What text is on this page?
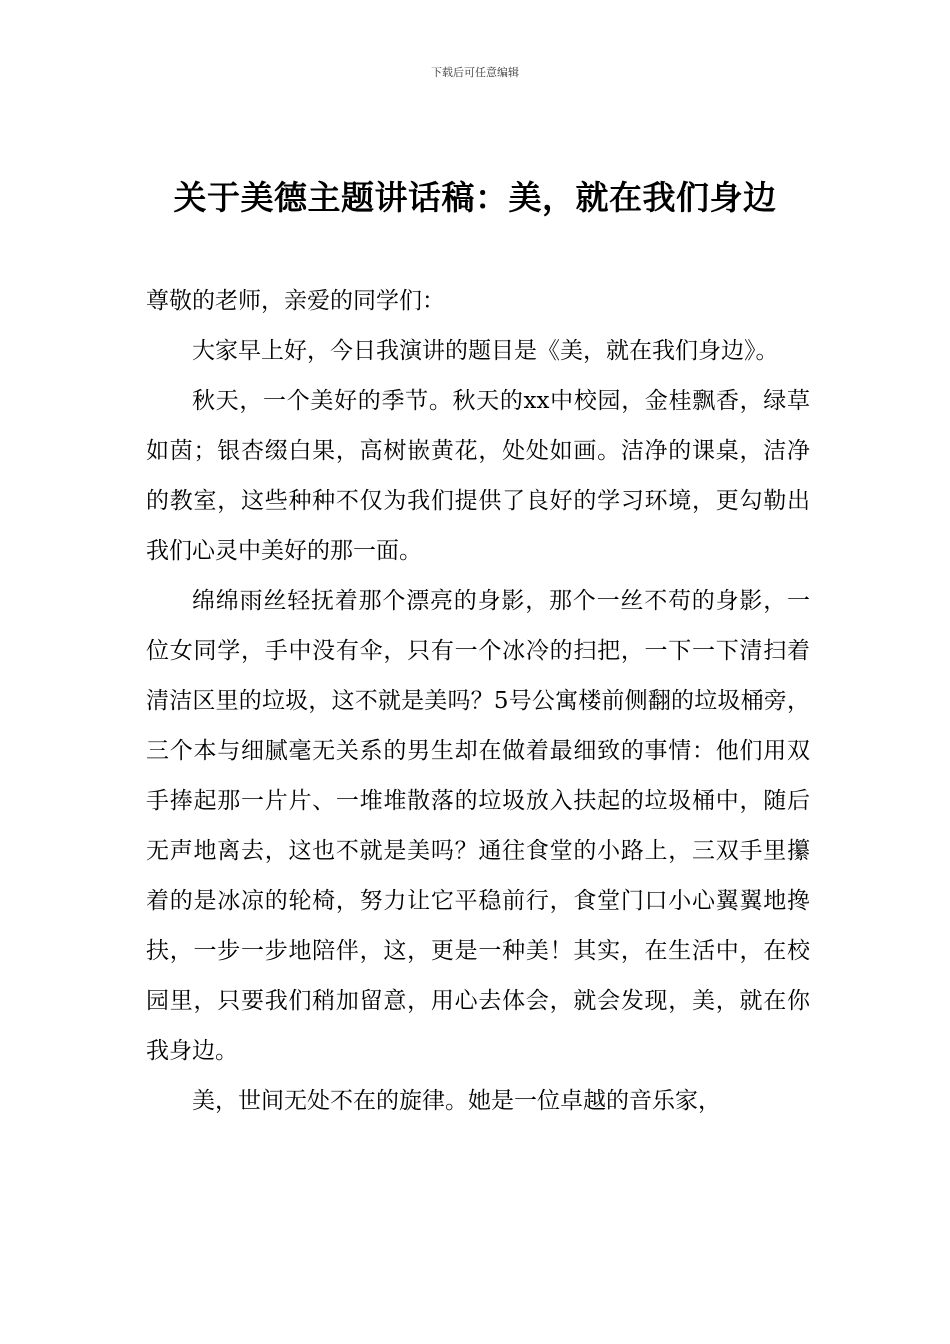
下载后可任意编辑
关于美德主题讲话稿：美，就在我们身边

尊敬的老师，亲爱的同学们：

大家早上好，今日我演讲的题目是《美，就在我们身边》。

秋天，一个美好的季节。秋天的xx中校园，金桂飘香，绿草如茵；银杏缀白果，高树嵌黄花，处处如画。洁净的课桌，洁净的教室，这些种种不仅为我们提供了良好的学习环境，更勾勒出我们心灵中美好的那一面。

绵绵雨丝轻抚着那个漂亮的身影，那个一丝不苟的身影，一位女同学，手中没有伞，只有一个冰冷的扫把，一下一下清扫着清洁区里的垃圾，这不就是美吗？5号公寓楼前侧翻的垃圾桶旁，三个本与细腻毫无关系的男生却在做着最细致的事情：他们用双手捧起那一片片、一堆堆散落的垃圾放入扶起的垃圾桶中，随后无声地离去，这也不就是美吗？通往食堂的小路上，三双手里攥着的是冰凉的轮椅，努力让它平稳前行，食堂门口小心翼翼地搀扶，一步一步地陪伴，这，更是一种美！其实，在生活中，在校园里，只要我们稍加留意，用心去体会，就会发现，美，就在你我身边。

美，世间无处不在的旋律。她是一位卓越的音乐家，
